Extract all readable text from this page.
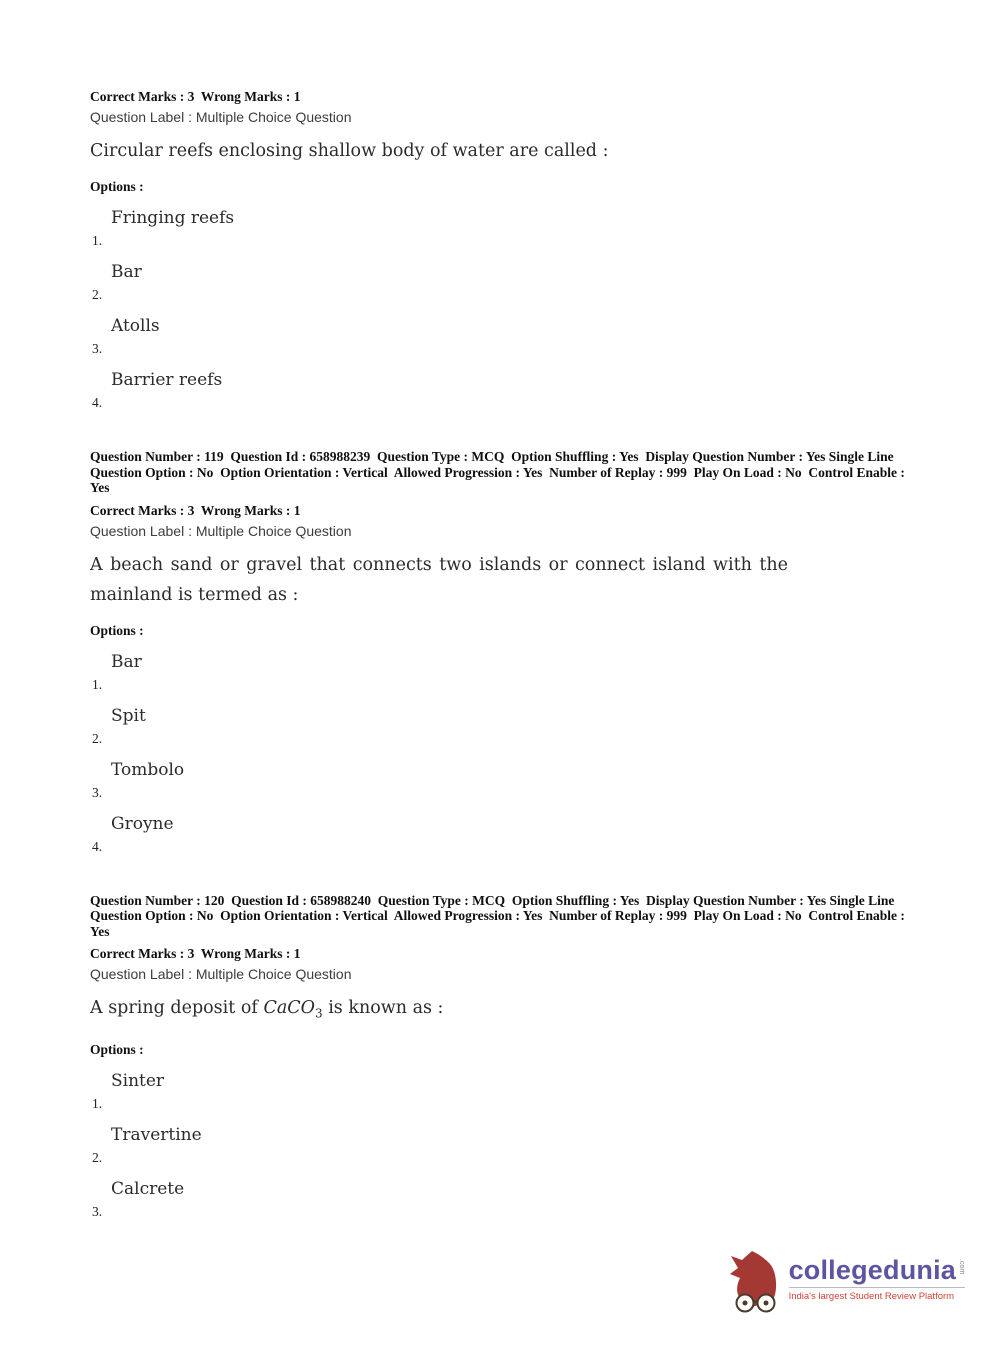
Correct Marks : 3  Wrong Marks : 1
Question Label : Multiple Choice Question
Circular reefs enclosing shallow body of water are called :
Options :
1.
Fringing reefs
2.
Bar
3.
Atolls
4.
Barrier reefs
Question Number : 119  Question Id : 658988239  Question Type : MCQ  Option Shuffling : Yes  Display Question Number : Yes Single Line Question Option : No  Option Orientation : Vertical  Allowed Progression : Yes  Number of Replay : 999  Play On Load : No  Control Enable : Yes
Correct Marks : 3  Wrong Marks : 1
Question Label : Multiple Choice Question
A beach sand or gravel that connects two islands or connect island with the mainland is termed as :
Options :
1.
Bar
2.
Spit
3.
Tombolo
4.
Groyne
Question Number : 120  Question Id : 658988240  Question Type : MCQ  Option Shuffling : Yes  Display Question Number : Yes Single Line Question Option : No  Option Orientation : Vertical  Allowed Progression : Yes  Number of Replay : 999  Play On Load : No  Control Enable : Yes
Correct Marks : 3  Wrong Marks : 1
Question Label : Multiple Choice Question
A spring deposit of CaCO$_3$ is known as :
Options :
1.
Sinter
2.
Travertine
3.
Calcrete
collegedunia .com
India's largest Student Review Platform
